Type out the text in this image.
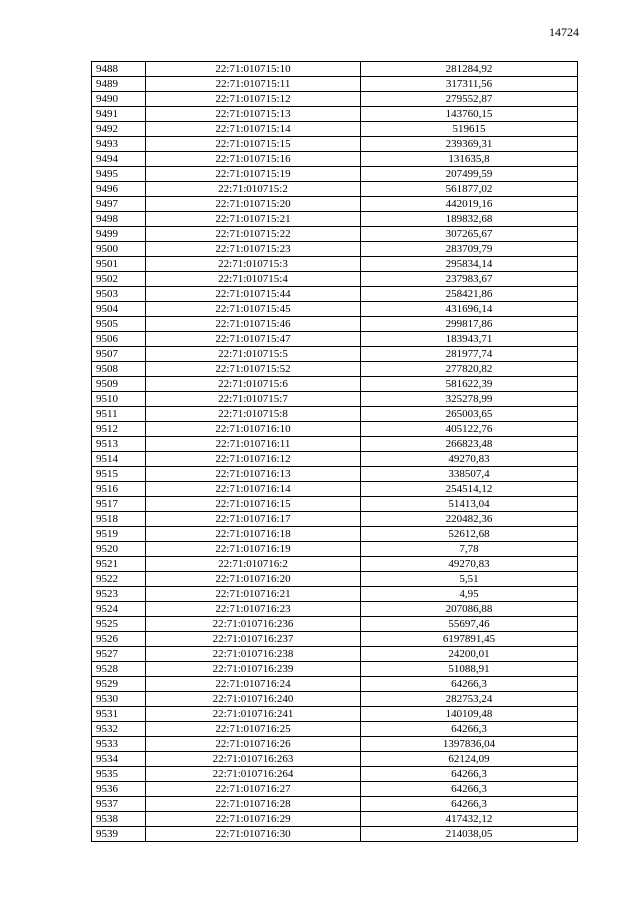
14724
9488	22:71:010715:10	281284,92
9489	22:71:010715:11	317311,56
9490	22:71:010715:12	279552,87
9491	22:71:010715:13	143760,15
9492	22:71:010715:14	519615
9493	22:71:010715:15	239369,31
9494	22:71:010715:16	131635,8
9495	22:71:010715:19	207499,59
9496	22:71:010715:2	561877,02
9497	22:71:010715:20	442019,16
9498	22:71:010715:21	189832,68
9499	22:71:010715:22	307265,67
9500	22:71:010715:23	283709,79
9501	22:71:010715:3	295834,14
9502	22:71:010715:4	237983,67
9503	22:71:010715:44	258421,86
9504	22:71:010715:45	431696,14
9505	22:71:010715:46	299817,86
9506	22:71:010715:47	183943,71
9507	22:71:010715:5	281977,74
9508	22:71:010715:52	277820,82
9509	22:71:010715:6	581622,39
9510	22:71:010715:7	325278,99
9511	22:71:010715:8	265003,65
9512	22:71:010716:10	405122,76
9513	22:71:010716:11	266823,48
9514	22:71:010716:12	49270,83
9515	22:71:010716:13	338507,4
9516	22:71:010716:14	254514,12
9517	22:71:010716:15	51413,04
9518	22:71:010716:17	220482,36
9519	22:71:010716:18	52612,68
9520	22:71:010716:19	7,78
9521	22:71:010716:2	49270,83
9522	22:71:010716:20	5,51
9523	22:71:010716:21	4,95
9524	22:71:010716:23	207086,88
9525	22:71:010716:236	55697,46
9526	22:71:010716:237	6197891,45
9527	22:71:010716:238	24200,01
9528	22:71:010716:239	51088,91
9529	22:71:010716:24	64266,3
9530	22:71:010716:240	282753,24
9531	22:71:010716:241	140109,48
9532	22:71:010716:25	64266,3
9533	22:71:010716:26	1397836,04
9534	22:71:010716:263	62124,09
9535	22:71:010716:264	64266,3
9536	22:71:010716:27	64266,3
9537	22:71:010716:28	64266,3
9538	22:71:010716:29	417432,12
9539	22:71:010716:30	214038,05
